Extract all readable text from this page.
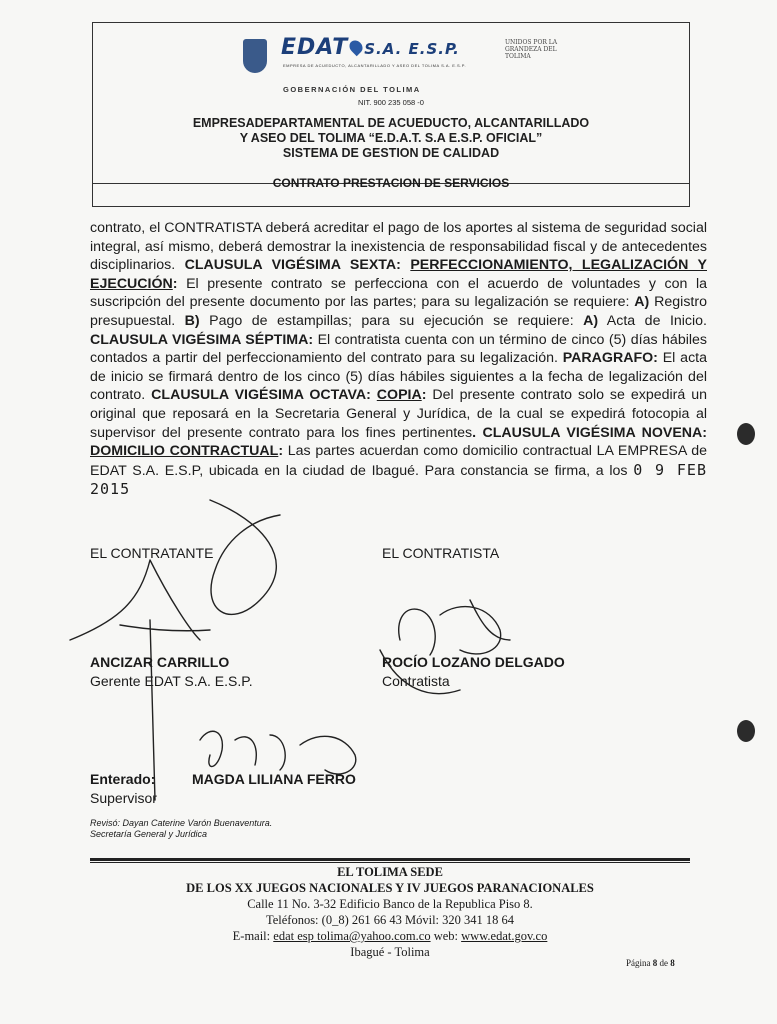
EDAT S.A. E.S.P.
EMPRESA DE ACUEDUCTO, ALCANTARILLADO Y ASEO DEL TOLIMA S.A. E.S.P.
GOBERNACIÓN DEL TOLIMA
UNIDOS POR LA GRANDEZA DEL TOLIMA
NIT. 900 235 058 -0
EMPRESADEPARTAMENTAL DE ACUEDUCTO, ALCANTARILLADO
Y ASEO DEL TOLIMA “E.D.A.T. S.A E.S.P. OFICIAL”
SISTEMA DE GESTION DE CALIDAD
CONTRATO PRESTACION DE SERVICIOS
contrato, el CONTRATISTA deberá acreditar el pago de los aportes al sistema de seguridad social integral, así mismo, deberá demostrar la inexistencia de responsabilidad fiscal y de antecedentes disciplinarios. CLAUSULA VIGÉSIMA SEXTA: PERFECCIONAMIENTO, LEGALIZACIÓN Y EJECUCIÓN: El presente contrato se perfecciona con el acuerdo de voluntades y con la suscripción del presente documento por las partes; para su legalización se requiere: A) Registro presupuestal. B) Pago de estampillas; para su ejecución se requiere: A) Acta de Inicio. CLAUSULA VIGÉSIMA SÉPTIMA: El contratista cuenta con un término de cinco (5) días hábiles contados a partir del perfeccionamiento del contrato para su legalización. PARAGRAFO: El acta de inicio se firmará dentro de los cinco (5) días hábiles siguientes a la fecha de legalización del contrato. CLAUSULA VIGÉSIMA OCTAVA: COPIA: Del presente contrato solo se expedirá un original que reposará en la Secretaria General y Jurídica, de la cual se expedirá fotocopia al supervisor del presente contrato para los fines pertinentes. CLAUSULA VIGÉSIMA NOVENA: DOMICILIO CONTRACTUAL: Las partes acuerdan como domicilio contractual LA EMPRESA de EDAT S.A. E.S.P, ubicada en la ciudad de Ibagué. Para constancia se firma, a los 0 9 FEB 2015
EL CONTRATANTE	EL CONTRATISTA
ANCIZAR CARRILLO
Gerente EDAT S.A. E.S.P.
ROCÍO LOZANO DELGADO
Contratista
Enterado:	MAGDA LILIANA FERRO
Supervisor
Revisó: Dayan Caterine Varón Buenaventura.
Secretaría General y Jurídica
EL TOLIMA SEDE
DE LOS XX JUEGOS NACIONALES Y IV JUEGOS PARANACIONALES
Calle 11 No. 3-32 Edificio Banco de la Republica Piso 8.
Teléfonos: (0_8) 261 66 43 Móvil: 320 341 18 64
E-mail: edat esp tolima@yahoo.com.co web: www.edat.gov.co
Ibagué - Tolima
Página 8 de 8
